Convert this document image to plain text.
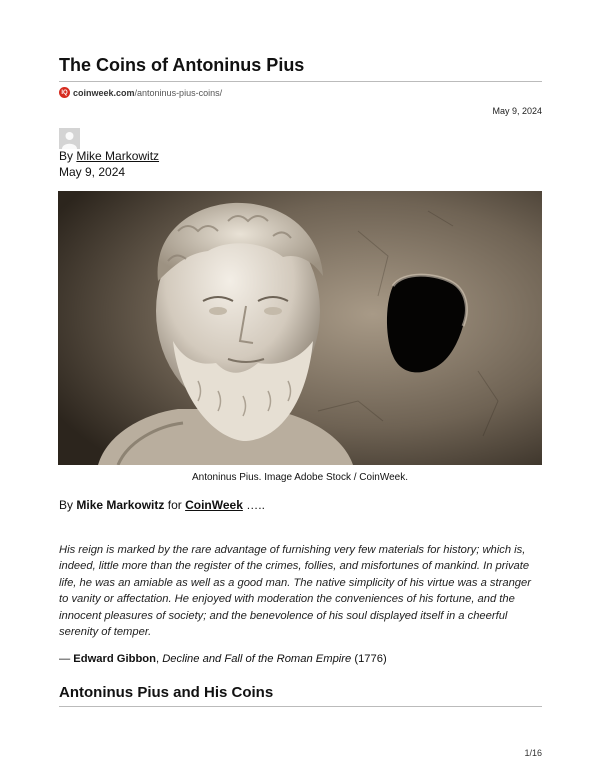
The Coins of Antoninus Pius
IQ coinweek.com /antoninus-pius-coins/
May 9, 2024
By Mike Markowitz
May 9, 2024
Antoninus Pius. Image Adobe Stock / CoinWeek.
By Mike Markowitz for CoinWeek …..

His reign is marked by the rare advantage of furnishing very few materials for history; which is, indeed, little more than the register of the crimes, follies, and misfortunes of mankind. In private life, he was an amiable as well as a good man. The native simplicity of his virtue was a stranger to vanity or affectation. He enjoyed with moderation the conveniences of his fortune, and the innocent pleasures of society; and the benevolence of his soul displayed itself in a cheerful serenity of temper.

— Edward Gibbon, Decline and Fall of the Roman Empire (1776)
Antoninus Pius and His Coins
1/16
